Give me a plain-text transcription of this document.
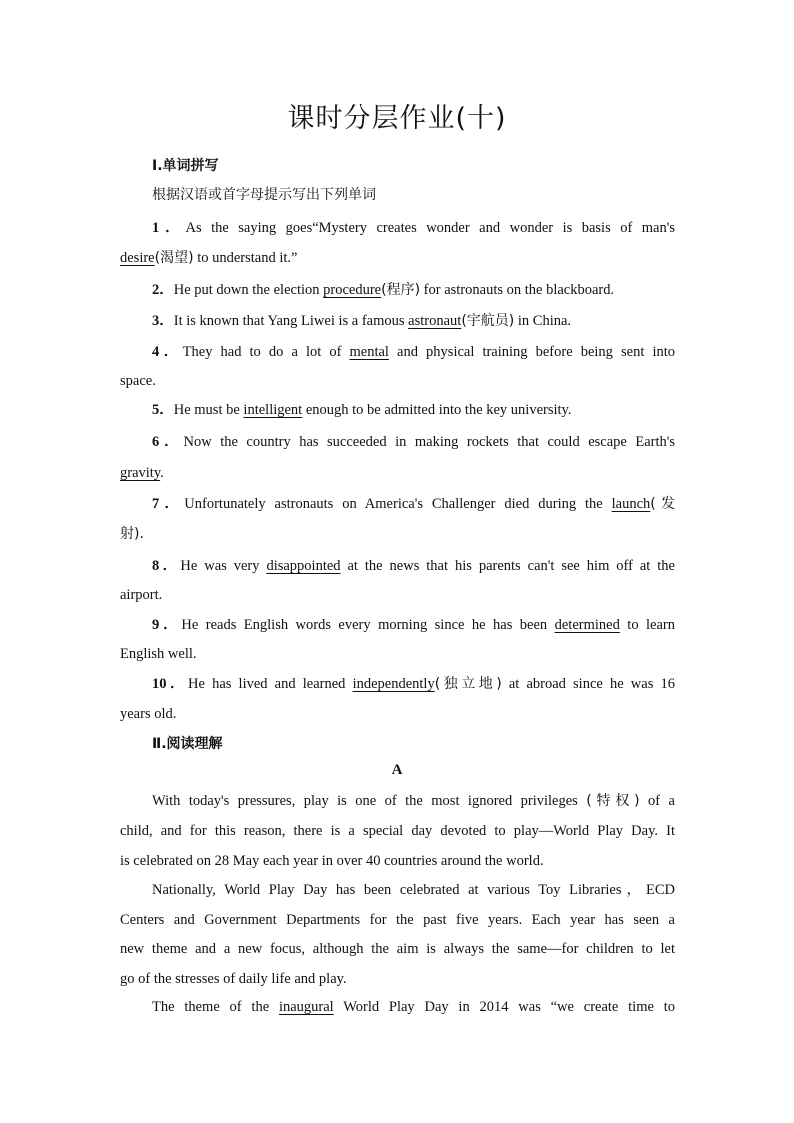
课时分层作业(十)
Ⅰ.单词拼写
根据汉语或首字母提示写出下列单词
1．As the saying goes“Mystery creates wonder and wonder is basis of man's
desire(渴望) to understand it.”
2．He put down the election procedure(程序) for astronauts on the blackboard.
3．It is known that Yang Liwei is a famous astronaut(宇航员) in China.
4．They had to do a lot of mental and physical training before being sent into
space.
5．He must be intelligent enough to be admitted into the key university.
6．Now the country has succeeded in making rockets that could escape Earth's
gravity.
7．Unfortunately astronauts on America's Challenger died during the launch(发
射).
8．He was very disappointed at the news that his parents can't see him off at the
airport.
9．He reads English words every morning since he has been determined to learn
English well.
10．He has lived and learned independently(独立地) at abroad since he was 16
years old.
Ⅱ.阅读理解
A
With today's pressures, play is one of the most ignored privileges (特权) of a
child, and for this reason, there is a special day devoted to play—World Play Day. It
is celebrated on 28 May each year in over 40 countries around the world.
Nationally, World Play Day has been celebrated at various Toy Libraries，ECD
Centers and Government Departments for the past five years. Each year has seen a
new theme and a new focus, although the aim is always the same—for children to let
go of the stresses of daily life and play.
The theme of the inaugural World Play Day in 2014 was “we create time to
